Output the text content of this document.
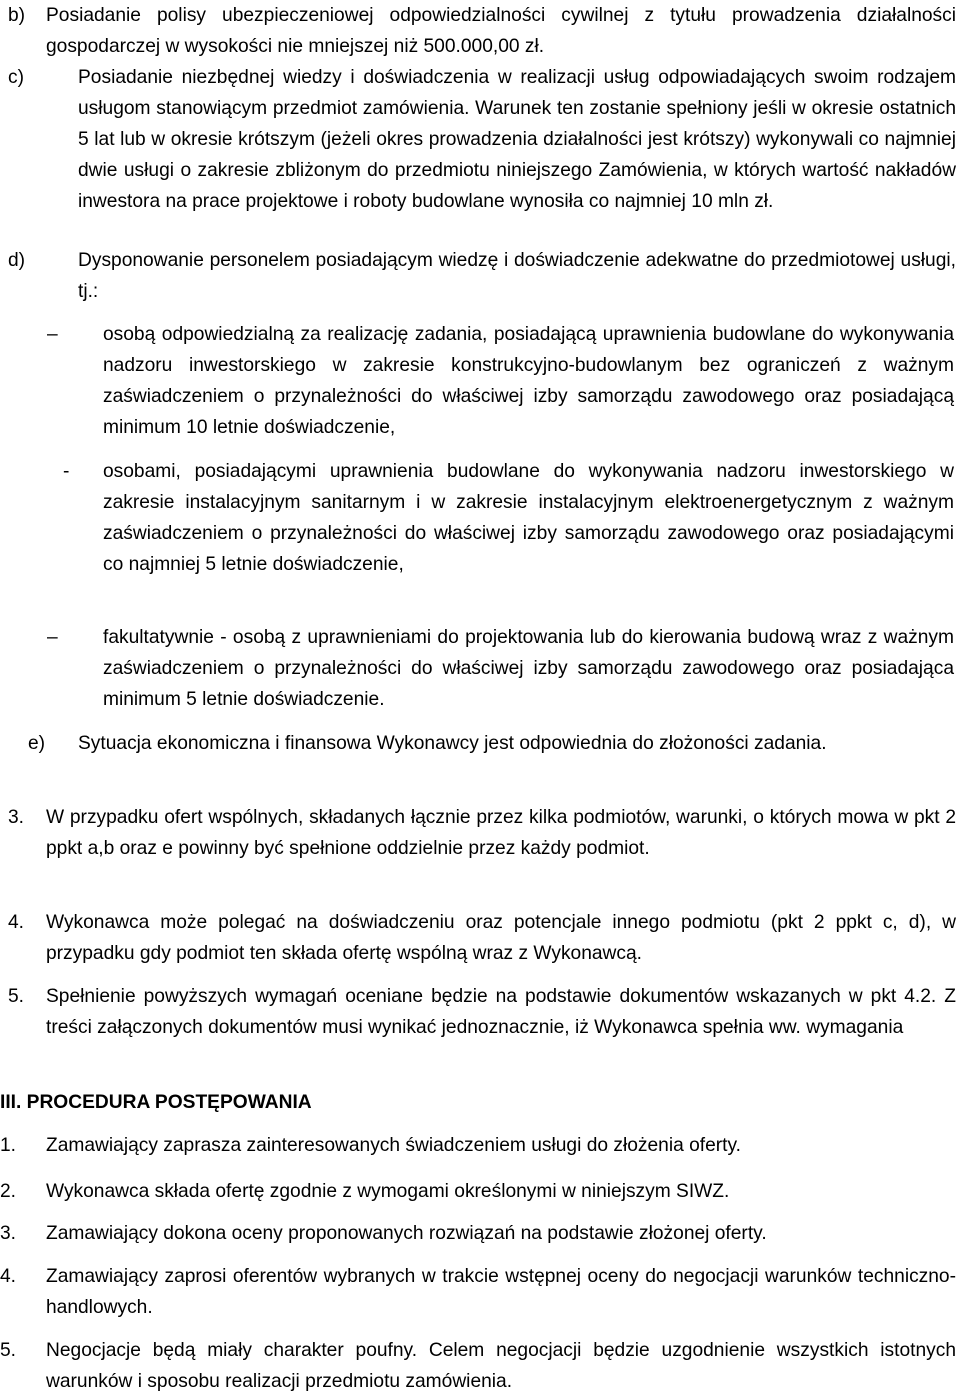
b) Posiadanie polisy ubezpieczeniowej odpowiedzialności cywilnej z tytułu prowadzenia działalności gospodarczej w wysokości nie mniejszej niż 500.000,00 zł.

c)	Posiadanie niezbędnej wiedzy i doświadczenia w realizacji usług odpowiadających swoim rodzajem usługom stanowiącym przedmiot zamówienia. Warunek ten zostanie spełniony jeśli w okresie ostatnich 5 lat lub w okresie krótszym (jeżeli okres prowadzenia działalności jest krótszy) wykonywali co najmniej dwie usługi o zakresie zbliżonym do przedmiotu niniejszego Zamówienia, w których wartość nakładów inwestora na prace projektowe i roboty budowlane wynosiła co najmniej 10 mln zł.

d)	Dysponowanie personelem posiadającym wiedzę i doświadczenie adekwatne do przedmiotowej usługi, tj.:

– osobą odpowiedzialną za realizację zadania, posiadającą uprawnienia budowlane do wykonywania nadzoru inwestorskiego w zakresie konstrukcyjno-budowlanym bez ograniczeń z ważnym zaświadczeniem o przynależności do właściwej izby samorządu zawodowego oraz posiadającą minimum 10 letnie doświadczenie,

- osobami, posiadającymi uprawnienia budowlane do wykonywania nadzoru inwestorskiego w zakresie instalacyjnym sanitarnym i w zakresie instalacyjnym elektroenergetycznym z ważnym zaświadczeniem o przynależności do właściwej izby samorządu zawodowego oraz posiadającymi co najmniej 5 letnie doświadczenie,

– fakultatywnie - osobą z uprawnieniami do projektowania lub do kierowania budową wraz z ważnym zaświadczeniem o przynależności do właściwej izby samorządu zawodowego oraz posiadająca minimum 5 letnie doświadczenie.

e) Sytuacja ekonomiczna i finansowa Wykonawcy jest odpowiednia do złożoności zadania.

3. W przypadku ofert wspólnych, składanych łącznie przez kilka podmiotów, warunki, o których mowa w pkt 2 ppkt a,b oraz e powinny być spełnione oddzielnie przez każdy podmiot.

4. Wykonawca może polegać na doświadczeniu oraz potencjale innego podmiotu (pkt 2 ppkt c, d), w przypadku gdy podmiot ten składa ofertę wspólną wraz z Wykonawcą.

5. Spełnienie powyższych wymagań oceniane będzie na podstawie dokumentów wskazanych w pkt 4.2. Z treści załączonych dokumentów musi wynikać jednoznacznie, iż Wykonawca spełnia ww. wymagania

III. PROCEDURA POSTĘPOWANIA
1. Zamawiający zaprasza zainteresowanych świadczeniem usługi do złożenia oferty.

2. Wykonawca składa ofertę zgodnie z wymogami określonymi w niniejszym SIWZ.

3. Zamawiający dokona oceny proponowanych rozwiązań na podstawie złożonej oferty.

4. Zamawiający zaprosi oferentów wybranych w trakcie wstępnej oceny do negocjacji warunków techniczno-handlowych.

5. Negocjacje będą miały charakter poufny. Celem negocjacji będzie uzgodnienie wszystkich istotnych warunków i sposobu realizacji przedmiotu zamówienia.
